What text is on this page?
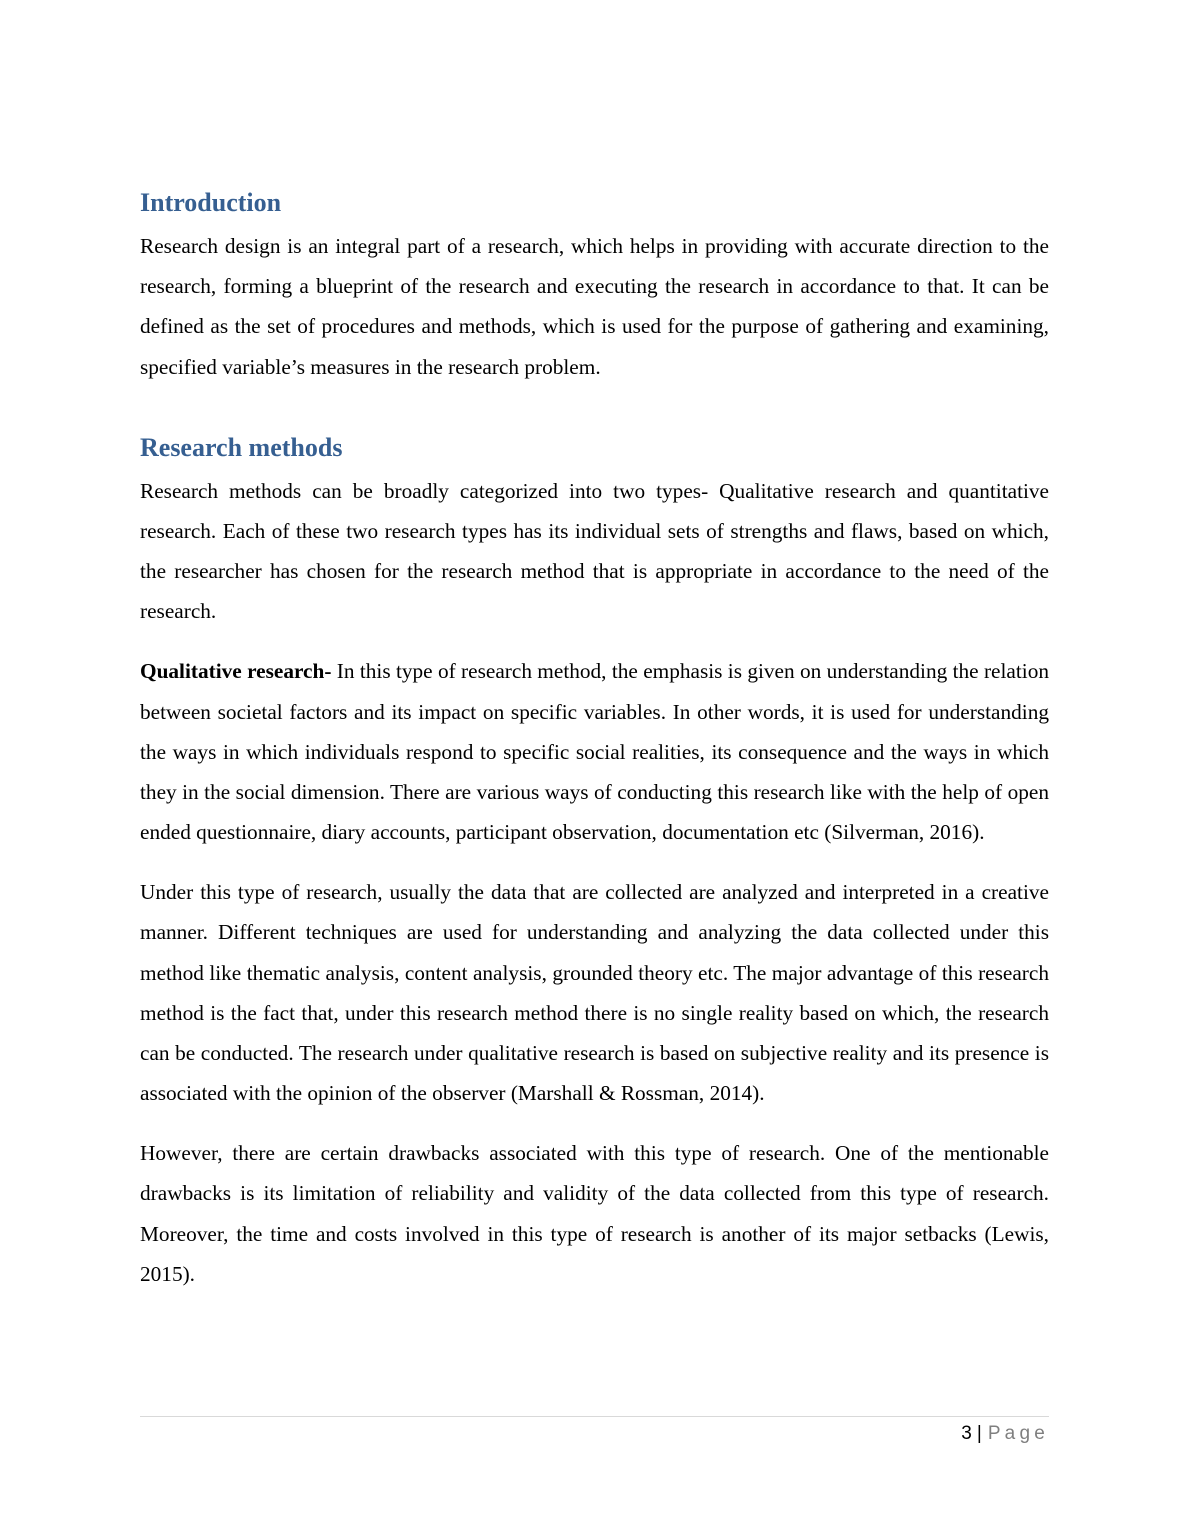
Introduction

Research design is an integral part of a research, which helps in providing with accurate direction to the research, forming a blueprint of the research and executing the research in accordance to that. It can be defined as the set of procedures and methods, which is used for the purpose of gathering and examining, specified variable’s measures in the research problem.

Research methods

Research methods can be broadly categorized into two types- Qualitative research and quantitative research. Each of these two research types has its individual sets of strengths and flaws, based on which, the researcher has chosen for the research method that is appropriate in accordance to the need of the research.

Qualitative research- In this type of research method, the emphasis is given on understanding the relation between societal factors and its impact on specific variables. In other words, it is used for understanding the ways in which individuals respond to specific social realities, its consequence and the ways in which they in the social dimension. There are various ways of conducting this research like with the help of open ended questionnaire, diary accounts, participant observation, documentation etc (Silverman, 2016).

Under this type of research, usually the data that are collected are analyzed and interpreted in a creative manner. Different techniques are used for understanding and analyzing the data collected under this method like thematic analysis, content analysis, grounded theory etc. The major advantage of this research method is the fact that, under this research method there is no single reality based on which, the research can be conducted. The research under qualitative research is based on subjective reality and its presence is associated with the opinion of the observer (Marshall & Rossman, 2014).

However, there are certain drawbacks associated with this type of research. One of the mentionable drawbacks is its limitation of reliability and validity of the data collected from this type of research. Moreover, the time and costs involved in this type of research is another of its major setbacks (Lewis, 2015).

3 | Page
